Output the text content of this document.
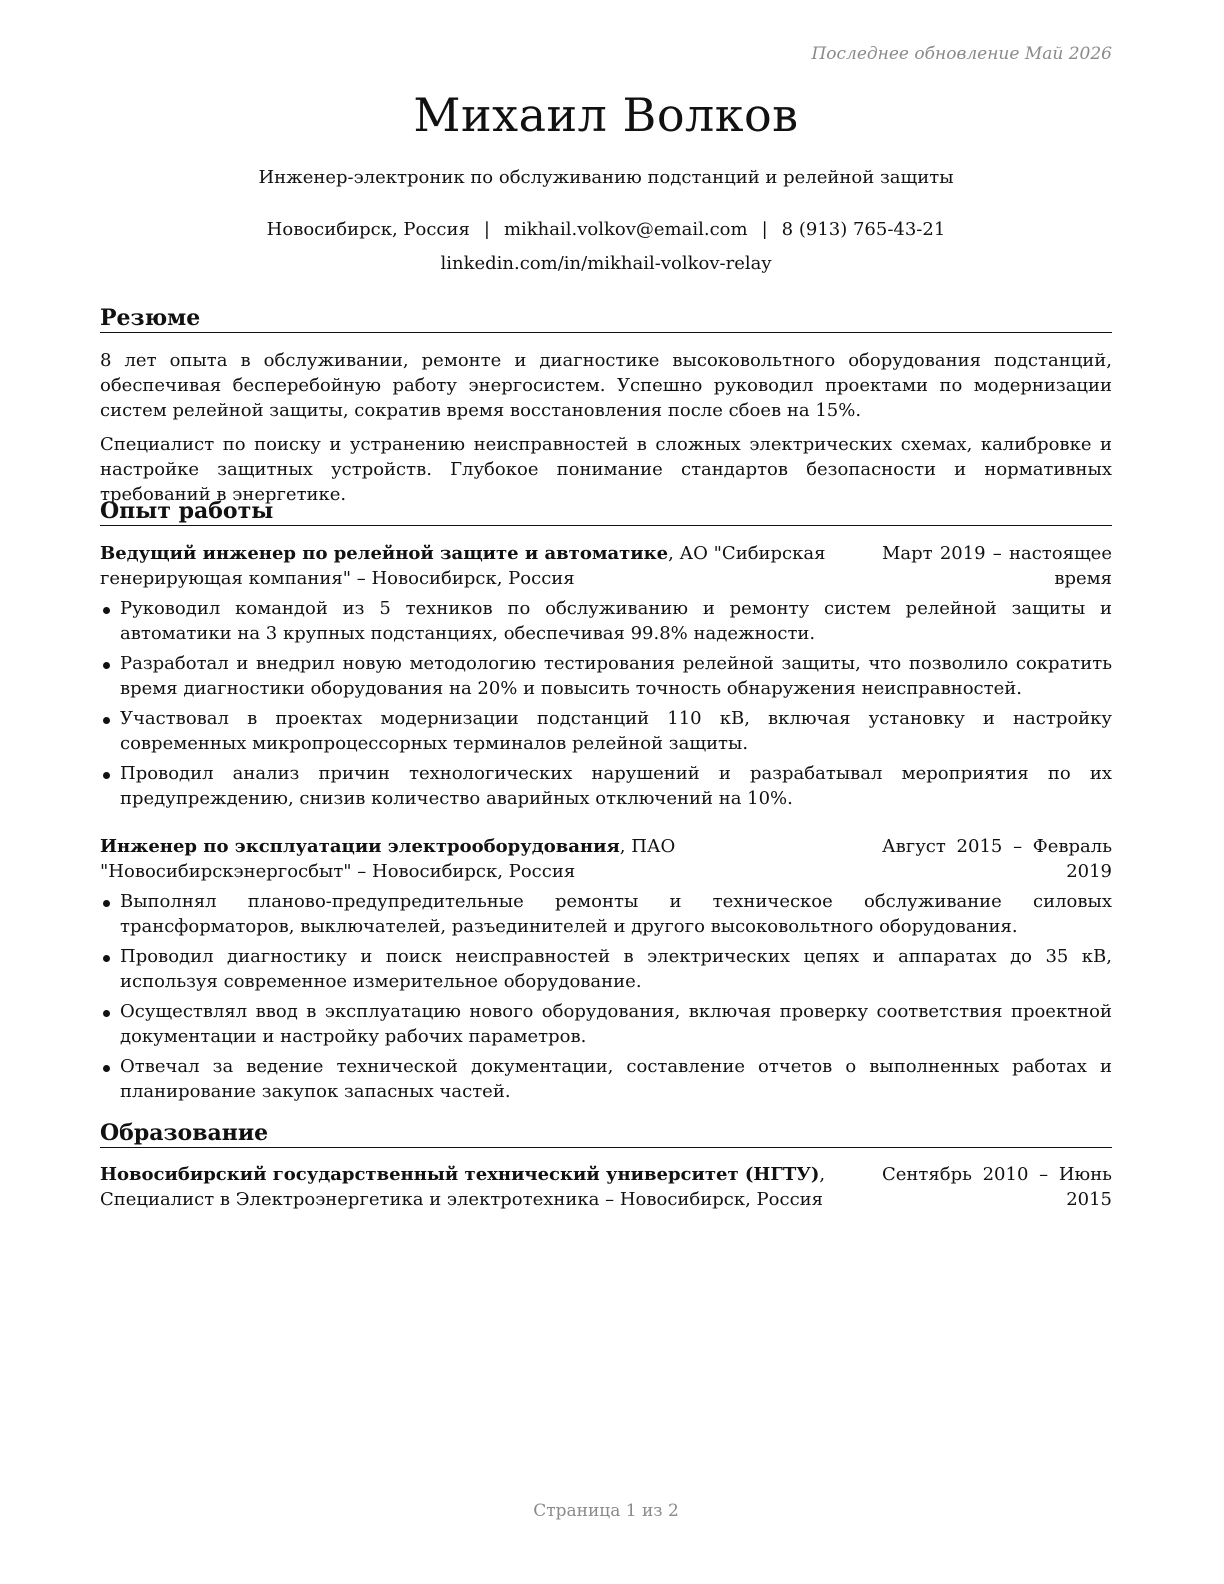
Последнее обновление Май 2026
Михаил Волков
Инженер-электроник по обслуживанию подстанций и релейной защиты
Новосибирск, Россия | mikhail.volkov@email.com | 8 (913) 765-43-21
linkedin.com/in/mikhail-volkov-relay
Резюме

8 лет опыта в обслуживании, ремонте и диагностике высоковольтного оборудования подстанций, обеспечивая бесперебойную работу энергосистем. Успешно руководил проектами по модернизации систем релейной защиты, сократив время восстановления после сбоев на 15%.

Специалист по поиску и устранению неисправностей в сложных электрических схемах, калибровке и настройке защитных устройств. Глубокое понимание стандартов безопасности и нормативных требований в энергетике.

Опыт работы
Ведущий инженер по релейной защите и автоматике, АО "Сибирская генерирующая компания" – Новосибирск, Россия
Март 2019 – настоящее время
Руководил командой из 5 техников по обслуживанию и ремонту систем релейной защиты и автоматики на 3 крупных подстанциях, обеспечивая 99.8% надежности.
Разработал и внедрил новую методологию тестирования релейной защиты, что позволило сократить время диагностики оборудования на 20% и повысить точность обнаружения неисправностей.
Участвовал в проектах модернизации подстанций 110 кВ, включая установку и настройку современных микропроцессорных терминалов релейной защиты.
Проводил анализ причин технологических нарушений и разрабатывал мероприятия по их предупреждению, снизив количество аварийных отключений на 10%.
Инженер по эксплуатации электрооборудования, ПАО "Новосибирскэнергосбыт" – Новосибирск, Россия
Август 2015 – Февраль 2019
Выполнял планово-предупредительные ремонты и техническое обслуживание силовых трансформаторов, выключателей, разъединителей и другого высоковольтного оборудования.
Проводил диагностику и поиск неисправностей в электрических цепях и аппаратах до 35 кВ, используя современное измерительное оборудование.
Осуществлял ввод в эксплуатацию нового оборудования, включая проверку соответствия проектной документации и настройку рабочих параметров.
Отвечал за ведение технической документации, составление отчетов о выполненных работах и планирование закупок запасных частей.
Образование
Новосибирский государственный технический университет (НГТУ), Специалист в Электроэнергетика и электротехника – Новосибирск, Россия
Сентябрь 2010 – Июнь 2015
Страница 1 из 2
